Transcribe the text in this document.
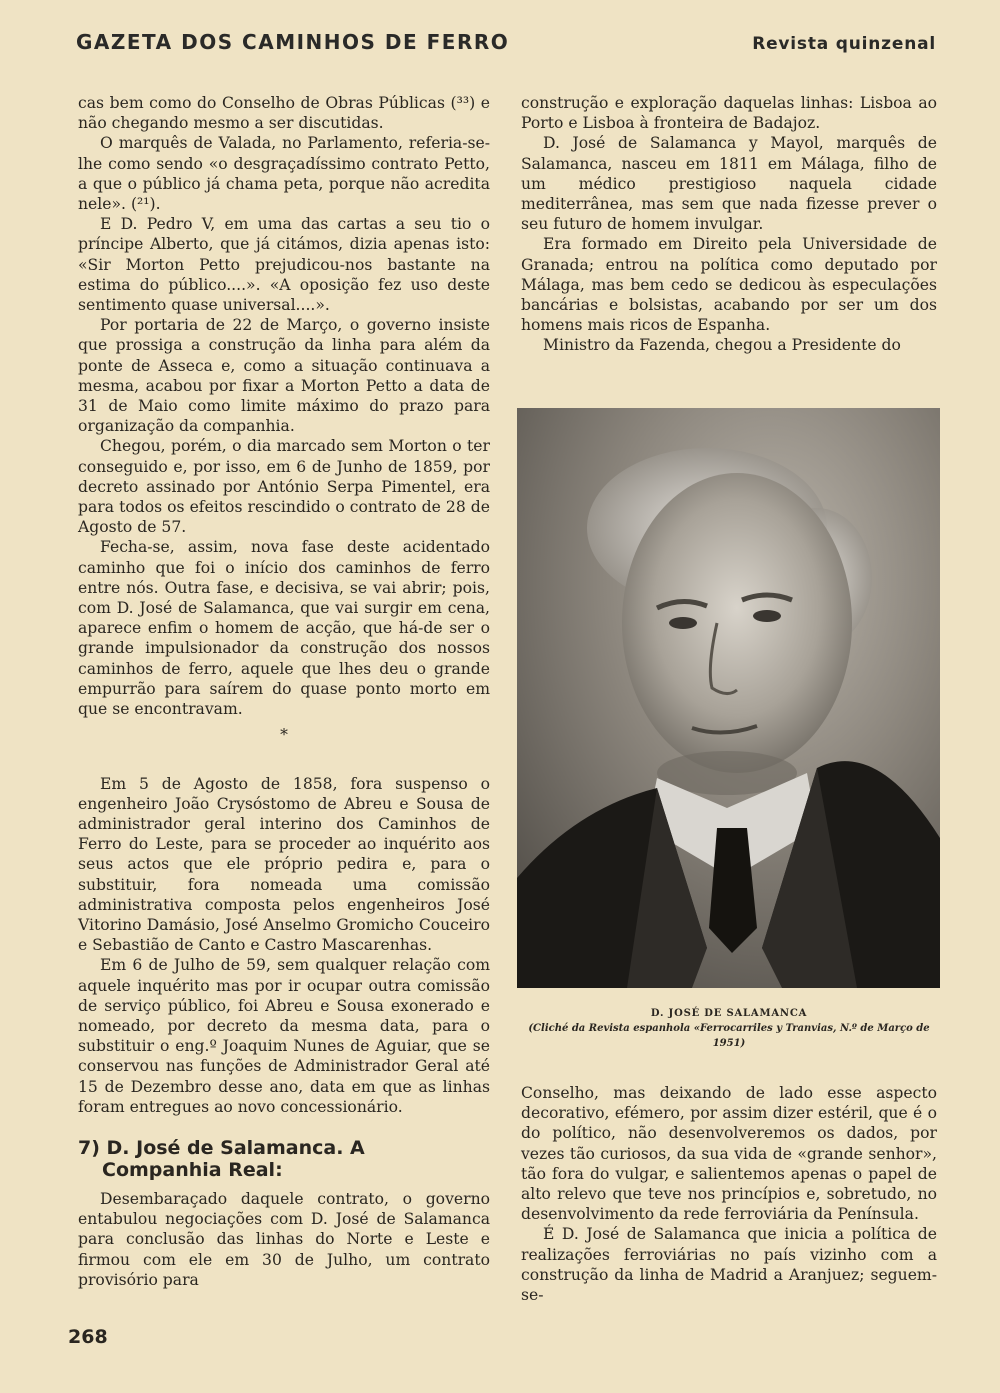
GAZETA DOS CAMINHOS DE FERRO	Revista quinzenal

cas bem como do Conselho de Obras Públicas (³³) e não chegando mesmo a ser discutidas.

O marquês de Valada, no Parlamento, referia-se-lhe como sendo «o desgraçadíssimo contrato Petto, a que o público já chama peta, porque não acredita nele». (²¹).

E D. Pedro V, em uma das cartas a seu tio o príncipe Alberto, que já citámos, dizia apenas isto: «Sir Morton Petto prejudicou-nos bastante na estima do público....». «A oposição fez uso deste sentimento quase universal....».

Por portaria de 22 de Março, o governo insiste que prossiga a construção da linha para além da ponte de Asseca e, como a situação continuava a mesma, acabou por fixar a Morton Petto a data de 31 de Maio como limite máximo do prazo para organização da companhia.

Chegou, porém, o dia marcado sem Morton o ter conseguido e, por isso, em 6 de Junho de 1859, por decreto assinado por António Serpa Pimentel, era para todos os efeitos rescindido o contrato de 28 de Agosto de 57.

Fecha-se, assim, nova fase deste acidentado caminho que foi o início dos caminhos de ferro entre nós. Outra fase, e decisiva, se vai abrir; pois, com D. José de Salamanca, que vai surgir em cena, aparece enfim o homem de acção, que há-de ser o grande impulsionador da construção dos nossos caminhos de ferro, aquele que lhes deu o grande empurrão para saírem do quase ponto morto em que se encontravam.

*

Em 5 de Agosto de 1858, fora suspenso o engenheiro João Crysóstomo de Abreu e Sousa de administrador geral interino dos Caminhos de Ferro do Leste, para se proceder ao inquérito aos seus actos que ele próprio pedira e, para o substituir, fora nomeada uma comissão administrativa composta pelos engenheiros José Vitorino Damásio, José Anselmo Gromicho Couceiro e Sebastião de Canto e Castro Mascarenhas.

Em 6 de Julho de 59, sem qualquer relação com aquele inquérito mas por ir ocupar outra comissão de serviço público, foi Abreu e Sousa exonerado e nomeado, por decreto da mesma data, para o substituir o eng.º Joaquim Nunes de Aguiar, que se conservou nas funções de Administrador Geral até 15 de Dezembro desse ano, data em que as linhas foram entregues ao novo concessionário.

7) D. José de Salamanca. A Companhia Real:

Desembaraçado daquele contrato, o governo entabulou negociações com D. José de Salamanca para conclusão das linhas do Norte e Leste e firmou com ele em 30 de Julho, um contrato provisório para

construção e exploração daquelas linhas: Lisboa ao Porto e Lisboa à fronteira de Badajoz.

D. José de Salamanca y Mayol, marquês de Salamanca, nasceu em 1811 em Málaga, filho de um médico prestigioso naquela cidade mediterrânea, mas sem que nada fizesse prever o seu futuro de homem invulgar.

Era formado em Direito pela Universidade de Granada; entrou na política como deputado por Málaga, mas bem cedo se dedicou às especulações bancárias e bolsistas, acabando por ser um dos homens mais ricos de Espanha.

Ministro da Fazenda, chegou a Presidente do

D. JOSÉ DE SALAMANCA
(Cliché da Revista espanhola «Ferrocarriles y Tranvias, N.º de Março de 1951)

Conselho, mas deixando de lado esse aspecto decorativo, efémero, por assim dizer estéril, que é o do político, não desenvolveremos os dados, por vezes tão curiosos, da sua vida de «grande senhor», tão fora do vulgar, e salientemos apenas o papel de alto relevo que teve nos princípios e, sobretudo, no desenvolvimento da rede ferroviária da Península.

É D. José de Salamanca que inicia a política de realizações ferroviárias no país vizinho com a construção da linha de Madrid a Aranjuez; seguem-se-

268
